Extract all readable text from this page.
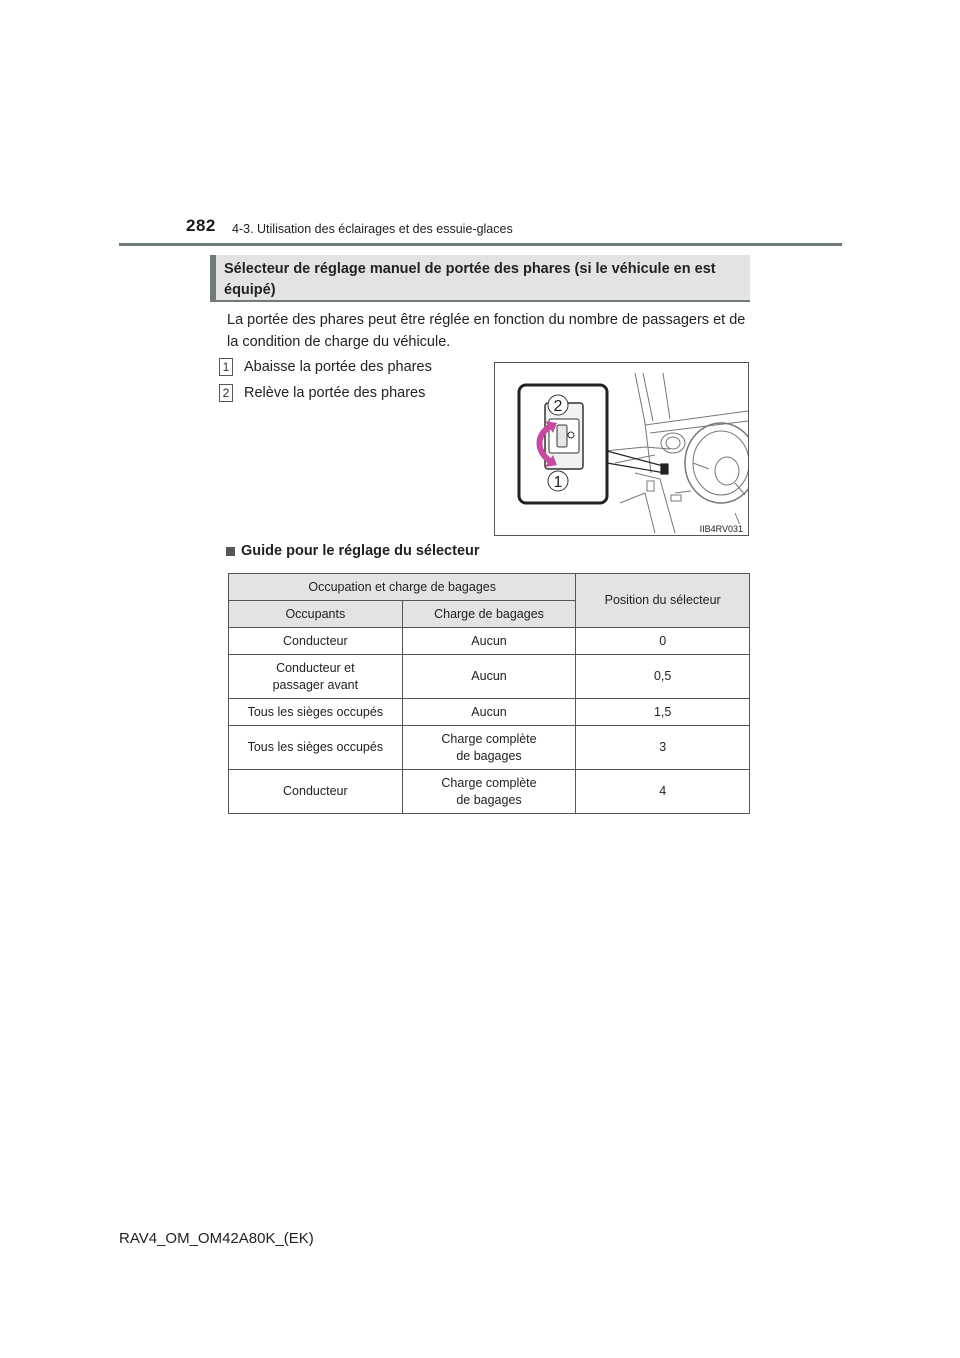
282 4-3. Utilisation des éclairages et des essuie-glaces
Sélecteur de réglage manuel de portée des phares (si le véhicule en est équipé)
La portée des phares peut être réglée en fonction du nombre de passagers et de la condition de charge du véhicule.
1 Abaisse la portée des phares
2 Relève la portée des phares
2
1
IIB4RV031
Guide pour le réglage du sélecteur
Occupation et charge de bagages		Position du sélecteur
Occupants	Charge de bagages	
Conducteur	Aucun	0
Conducteur et
passager avant	Aucun	0,5
Tous les sièges occupés	Aucun	1,5
Tous les sièges occupés	Charge complète
de bagages	3
Conducteur	Charge complète
de bagages	4
RAV4_OM_OM42A80K_(EK)
